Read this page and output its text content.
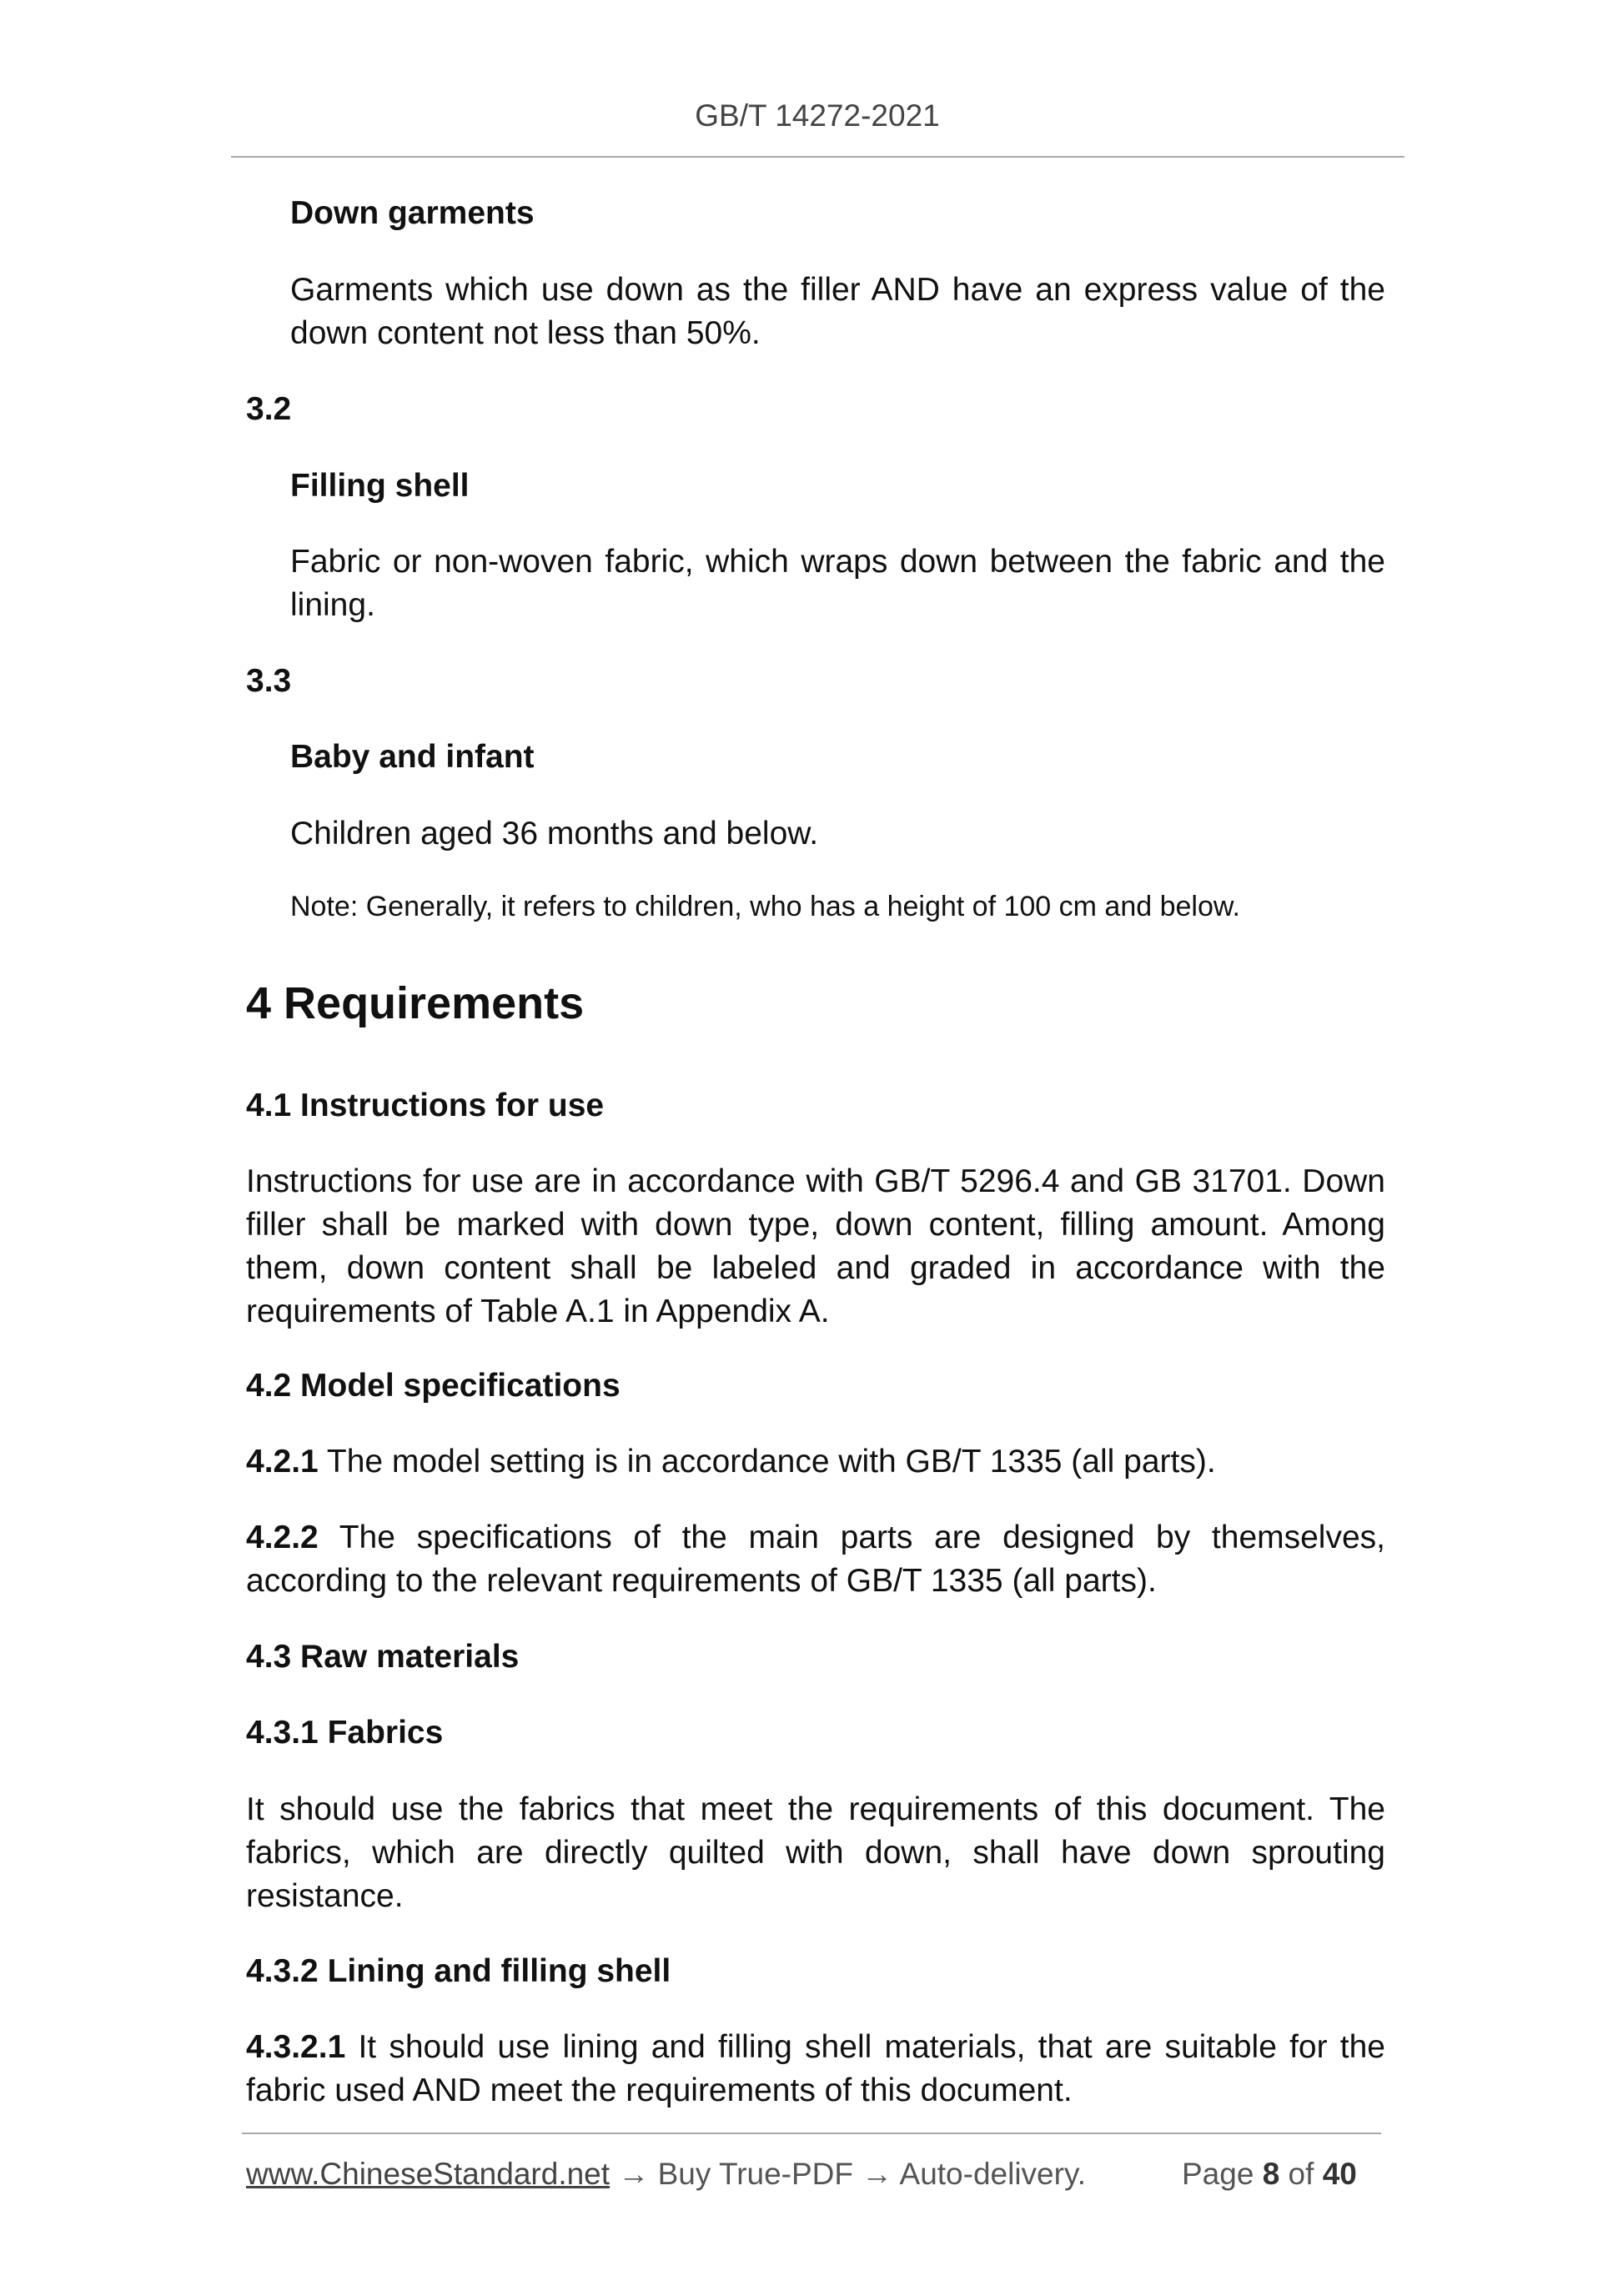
GB/T 14272-2021
Down garments
Garments which use down as the filler AND have an express value of the down content not less than 50%.
3.2
Filling shell
Fabric or non-woven fabric, which wraps down between the fabric and the lining.
3.3
Baby and infant
Children aged 36 months and below.
Note: Generally, it refers to children, who has a height of 100 cm and below.
4 Requirements
4.1 Instructions for use
Instructions for use are in accordance with GB/T 5296.4 and GB 31701. Down filler shall be marked with down type, down content, filling amount. Among them, down content shall be labeled and graded in accordance with the requirements of Table A.1 in Appendix A.
4.2 Model specifications
4.2.1 The model setting is in accordance with GB/T 1335 (all parts).
4.2.2 The specifications of the main parts are designed by themselves, according to the relevant requirements of GB/T 1335 (all parts).
4.3 Raw materials
4.3.1 Fabrics
It should use the fabrics that meet the requirements of this document. The fabrics, which are directly quilted with down, shall have down sprouting resistance.
4.3.2 Lining and filling shell
4.3.2.1 It should use lining and filling shell materials, that are suitable for the fabric used AND meet the requirements of this document.
www.ChineseStandard.net → Buy True-PDF → Auto-delivery.	Page 8 of 40
